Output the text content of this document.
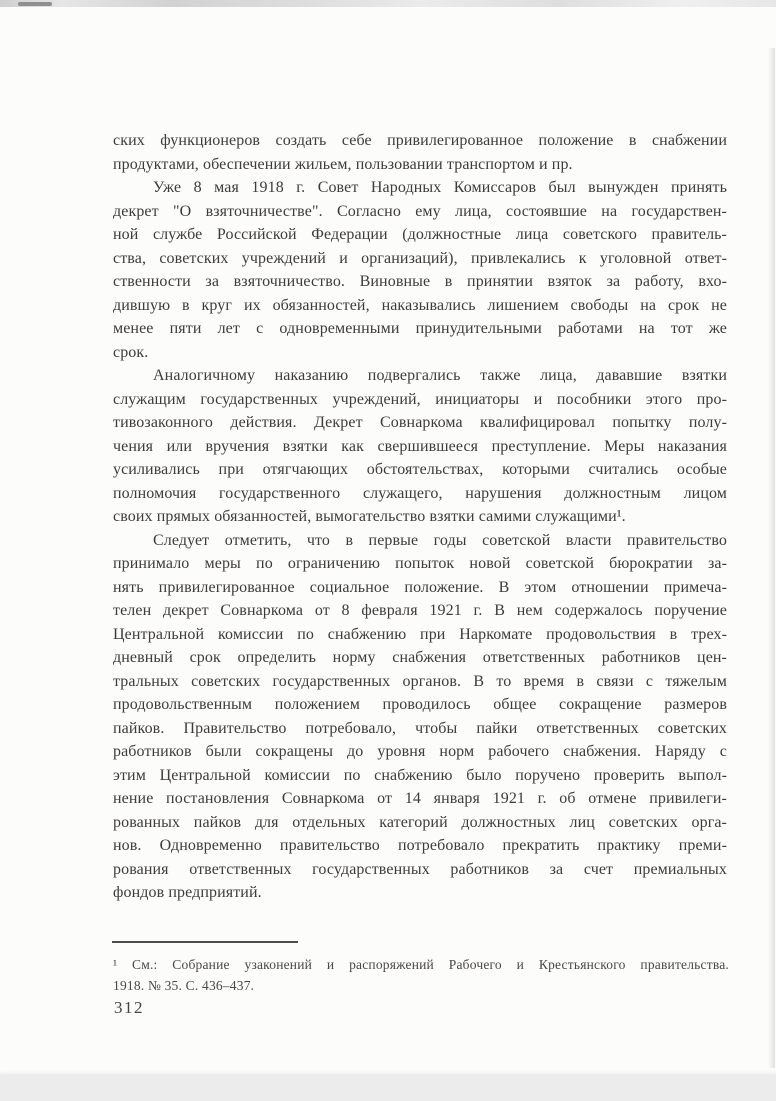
ских функционеров создать себе привилегированное положение в снабжении
продуктами, обеспечении жильем, пользовании транспортом и пр.
Уже 8 мая 1918 г. Совет Народных Комиссаров был вынужден принять
декрет "О взяточничестве". Согласно ему лица, состоявшие на государствен-
ной службе Российской Федерации (должностные лица советского правитель-
ства, советских учреждений и организаций), привлекались к уголовной ответ-
ственности за взяточничество. Виновные в принятии взяток за работу, вхо-
дившую в круг их обязанностей, наказывались лишением свободы на срок не
менее пяти лет с одновременными принудительными работами на тот же
срок.
Аналогичному наказанию подвергались также лица, дававшие взятки
служащим государственных учреждений, инициаторы и пособники этого про-
тивозаконного действия. Декрет Совнаркома квалифицировал попытку полу-
чения или вручения взятки как свершившееся преступление. Меры наказания
усиливались при отягчающих обстоятельствах, которыми считались особые
полномочия государственного служащего, нарушения должностным лицом
своих прямых обязанностей, вымогательство взятки самими служащими¹.
Следует отметить, что в первые годы советской власти правительство
принимало меры по ограничению попыток новой советской бюрократии за-
нять привилегированное социальное положение. В этом отношении примеча-
телен декрет Совнаркома от 8 февраля 1921 г. В нем содержалось поручение
Центральной комиссии по снабжению при Наркомате продовольствия в трех-
дневный срок определить норму снабжения ответственных работников цен-
тральных советских государственных органов. В то время в связи с тяжелым
продовольственным положением проводилось общее сокращение размеров
пайков. Правительство потребовало, чтобы пайки ответственных советских
работников были сокращены до уровня норм рабочего снабжения. Наряду с
этим Центральной комиссии по снабжению было поручено проверить выпол-
нение постановления Совнаркома от 14 января 1921 г. об отмене привилеги-
рованных пайков для отдельных категорий должностных лиц советских орга-
нов. Одновременно правительство потребовало прекратить практику преми-
рования ответственных государственных работников за счет премиальных
фондов предприятий.
¹ См.: Собрание узаконений и распоряжений Рабочего и Крестьянского правительства.
1918. № 35. С. 436–437.
312
